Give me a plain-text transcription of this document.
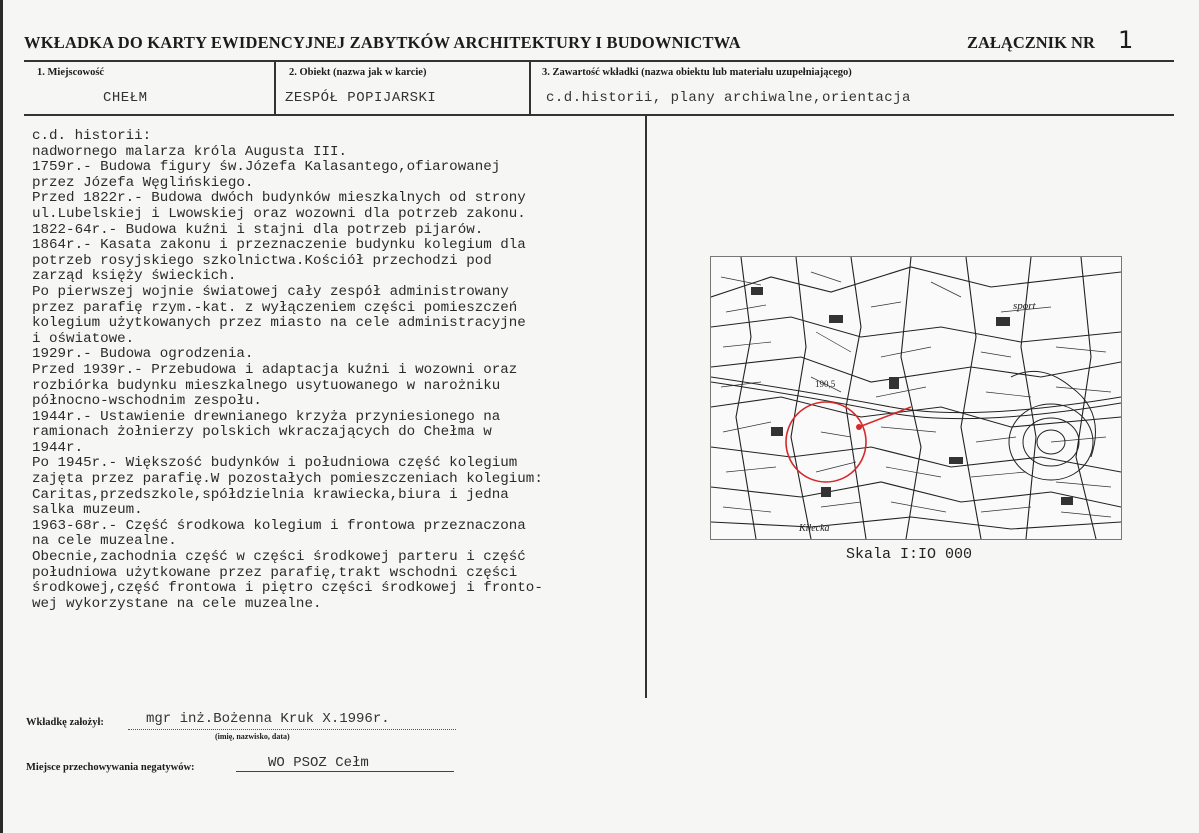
WKŁADKA DO KARTY EWIDENCYJNEJ ZABYTKÓW ARCHITEKTURY I BUDOWNICTWA	ZAŁĄCZNIK NR 1
1. Miejscowość
CHEŁM
2. Obiekt (nazwa jak w karcie)
ZESPÓŁ POPIJARSKI
3. Zawartość wkładki (nazwa obiektu lub materiału uzupełniającego)
c.d.historii, plany archiwalne,orientacja
c.d. historii:
nadwornego malarza króla Augusta III.
1759r.- Budowa figury św.Józefa Kalasantego,ofiarowanej
przez Józefa Węglińskiego.
Przed 1822r.- Budowa dwóch budynków mieszkalnych od strony
ul.Lubelskiej i Lwowskiej oraz wozowni dla potrzeb zakonu.
1822-64r.- Budowa kuźni i stajni dla potrzeb pijarów.
1864r.- Kasata zakonu i przeznaczenie budynku kolegium dla
potrzeb rosyjskiego szkolnictwa.Kościół przechodzi pod
zarząd księży świeckich.
Po pierwszej wojnie światowej cały zespół administrowany
przez parafię rzym.-kat. z wyłączeniem części pomieszczeń
kolegium użytkowanych przez miasto na cele administracyjne
i oświatowe.
1929r.- Budowa ogrodzenia.
Przed 1939r.- Przebudowa i adaptacja kuźni i wozowni oraz
rozbiórka budynku mieszkalnego usytuowanego w narożniku
północno-wschodnim zespołu.
1944r.- Ustawienie drewnianego krzyża przyniesionego na
ramionach żołnierzy polskich wkraczających do Chełma w
1944r.
Po 1945r.- Większość budynków i południowa część kolegium
zajęta przez parafię.W pozostałych pomieszczeniach kolegium:
Caritas,przedszkole,spółdzielnia krawiecka,biura i jedna
salka muzeum.
1963-68r.- Część środkowa kolegium i frontowa przeznaczona
na cele muzealne.
Obecnie,zachodnia część w części środkowej parteru i część
południowa użytkowane przez parafię,trakt wschodni części
środkowej,część frontowa i piętro części środkowej i fronto-
wej wykorzystane na cele muzealne.
sport
190,5
Kilecka
Skala I:IO 000
Wkładkę założył:	mgr inż.Bożenna Kruk X.1996r.
(imię, nazwisko, data)
Miejsce przechowywania negatywów:	WO PSOZ Cełm
